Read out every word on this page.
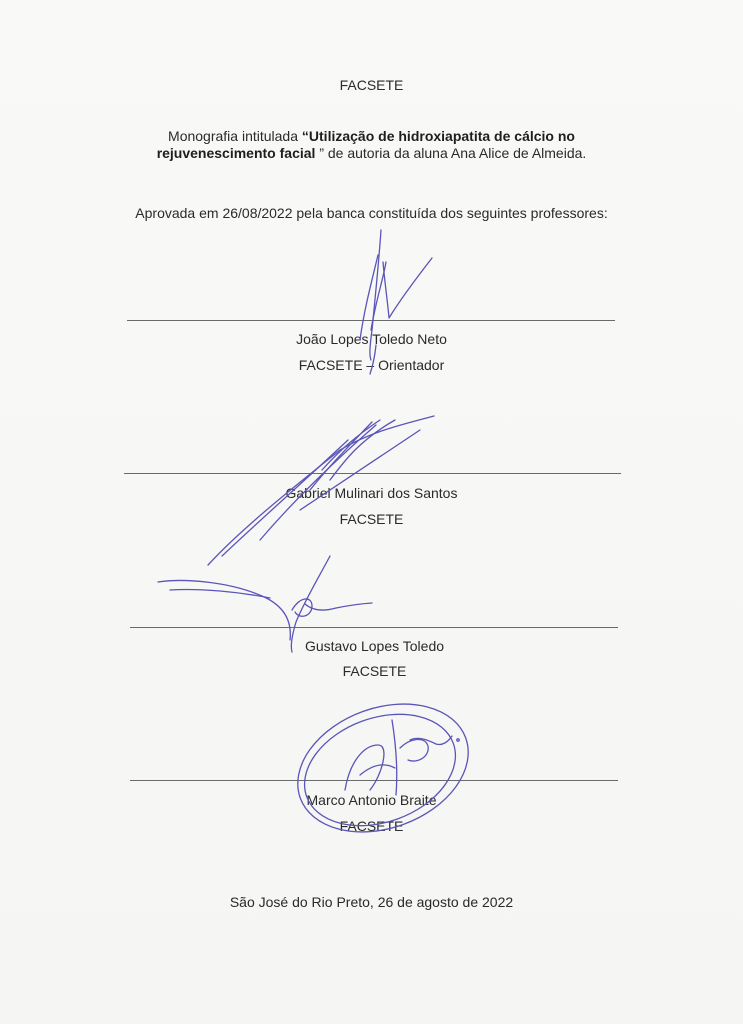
FACSETE
Monografia intitulada “Utilização de hidroxiapatita de cálcio no
rejuvenescimento facial ” de autoria da aluna Ana Alice de Almeida.
Aprovada em 26/08/2022 pela banca constituída dos seguintes professores:
João Lopes Toledo Neto
FACSETE – Orientador
Gabriel Mulinari dos Santos
FACSETE
Gustavo Lopes Toledo
FACSETE
Marco Antonio Braite
FACSETE
São José do Rio Preto, 26 de agosto de 2022
